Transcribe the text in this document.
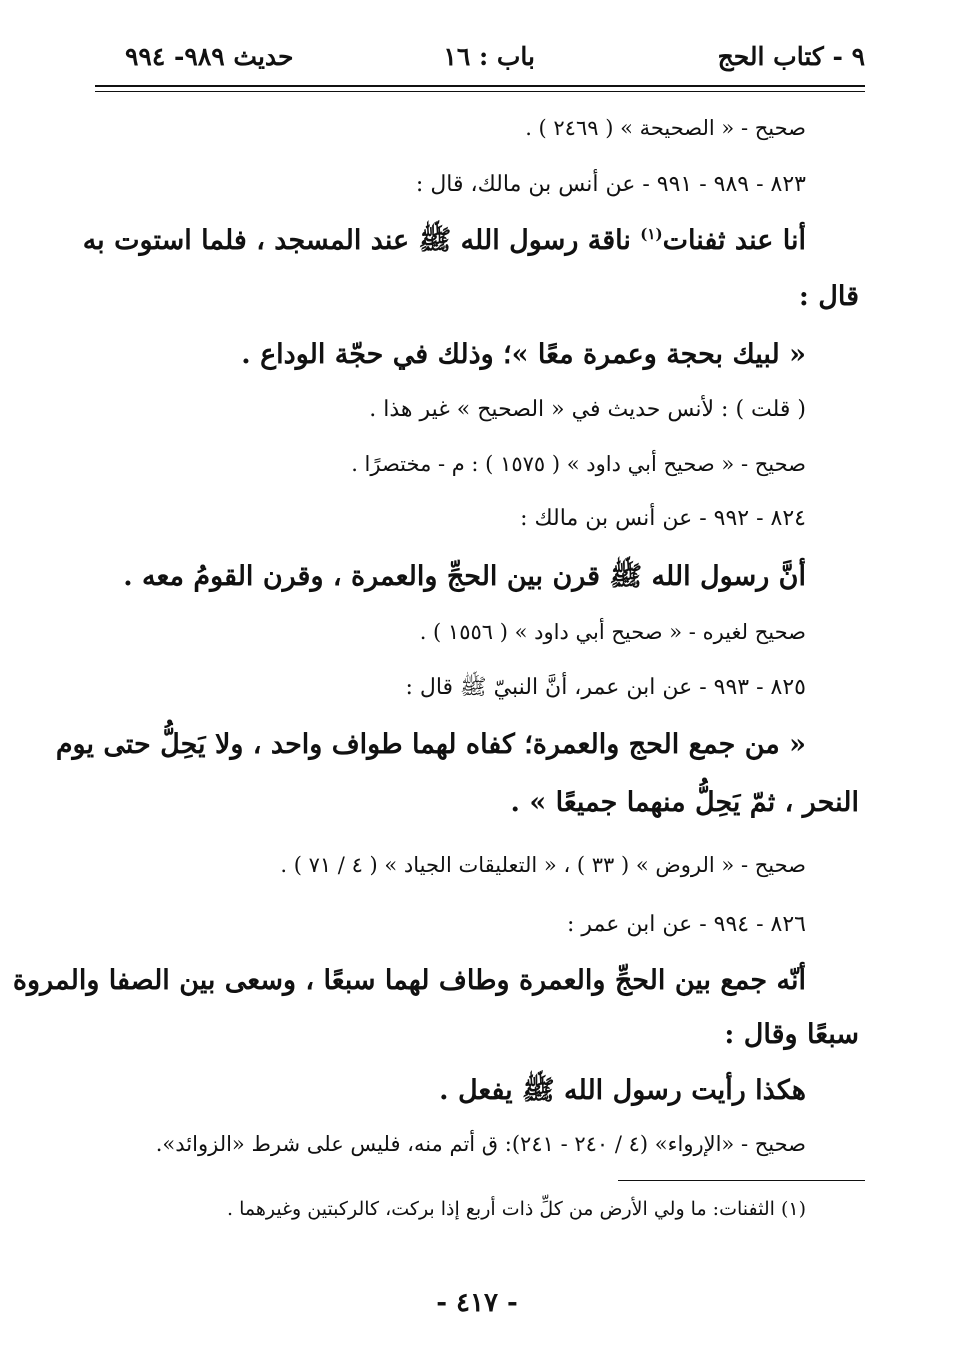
٩ - كتاب الحج
باب : ١٦
حديث ٩٨٩- ٩٩٤
صحيح - « الصحيحة » ( ٢٤٦٩ ) .
٨٢٣ - ٩٨٩ - ٩٩١ - عن أنس بن مالك، قال :
أنا عند ثفنات$^{(١)}$ ناقة رسول الله ﷺ عند المسجد ، فلما استوت به
قال :
« لبيك بحجة وعمرة معًا »؛ وذلك في حجّة الوداع .
( قلت ) : لأنس حديث في « الصحيح » غير هذا .
صحيح - « صحيح أبي داود » ( ١٥٧٥ ) : م - مختصرًا .
٨٢٤ - ٩٩٢ - عن أنس بن مالك :
أنَّ رسول الله ﷺ قرن بين الحجِّ والعمرة ، وقرن القومُ معه .
صحيح لغيره - « صحيح أبي داود » ( ١٥٥٦ ) .
٨٢٥ - ٩٩٣ - عن ابن عمر، أنَّ النبيّ ﷺ قال :
« من جمع الحج والعمرة؛ كفاه لهما طواف واحد ، ولا يَحِلُّ حتى يوم
النحر ، ثمّ يَحِلُّ منهما جميعًا » .
صحيح - « الروض » ( ٣٣ ) ، « التعليقات الجياد » ( ٤ / ٧١ ) .
٨٢٦ - ٩٩٤ - عن ابن عمر :
أنّه جمع بين الحجِّ والعمرة وطاف لهما سبعًا ، وسعى بين الصفا والمروة
سبعًا وقال :
هكذا رأيت رسول الله ﷺ يفعل .
صحيح - «الإرواء» (٤ / ٢٤٠ - ٢٤١): ق أتم منه، فليس على شرط «الزوائد».
(١) الثفنات: ما ولي الأرض من كلِّ ذات أربع إذا بركت، كالركبتين وغيرهما .
- ٤١٧ -
